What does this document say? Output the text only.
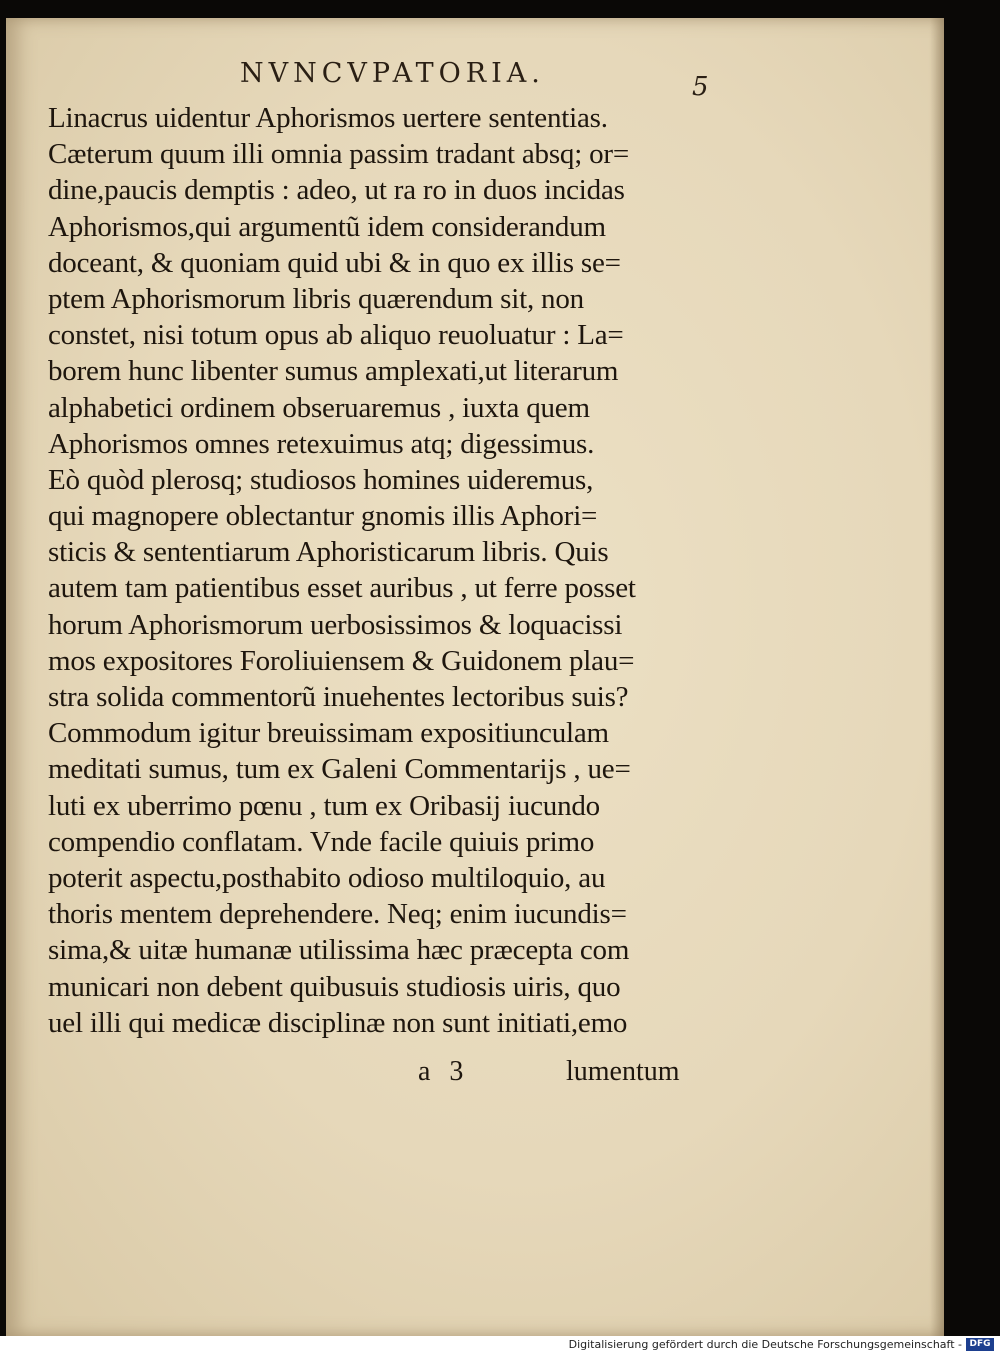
NVNCVPATORIA.	5
Linacrus uidentur Aphorismos uertere sententias.
Cæterum quum illi omnia passim tradant absq; or=
dine,paucis demptis : adeo, ut ra ro in duos incidas
Aphorismos,qui argumentũ idem considerandum
doceant, & quoniam quid ubi & in quo ex illis se=
ptem Aphorismorum libris quærendum sit, non
constet, nisi totum opus ab aliquo reuoluatur : La=
borem hunc libenter sumus amplexati,ut literarum
alphabetici ordinem obseruaremus , iuxta quem
Aphorismos omnes retexuimus atq; digessimus.
Eò quòd plerosq; studiosos homines uideremus,
qui magnopere oblectantur gnomis illis Aphori=
sticis & sententiarum Aphoristicarum libris. Quis
autem tam patientibus esset auribus , ut ferre posset
horum Aphorismorum uerbosissimos & loquacissi
mos expositores Foroliuiensem & Guidonem plau=
stra solida commentorũ inuehentes lectoribus suis?
Commodum igitur breuissimam expositiunculam
meditati sumus, tum ex Galeni Commentarijs , ue=
luti ex uberrimo pœnu , tum ex Oribasij iucundo
compendio conflatam. Vnde facile quiuis primo
poterit aspectu,posthabito odioso multiloquio, au
thoris mentem deprehendere. Neq; enim iucundis=
sima,& uitæ humanæ utilissima hæc præcepta com
municari non debent quibusuis studiosis uiris, quo
uel illi qui medicæ disciplinæ non sunt initiati,emo
a 3	lumentum
Digitalisierung gefördert durch die Deutsche Forschungsgemeinschaft - DFG
